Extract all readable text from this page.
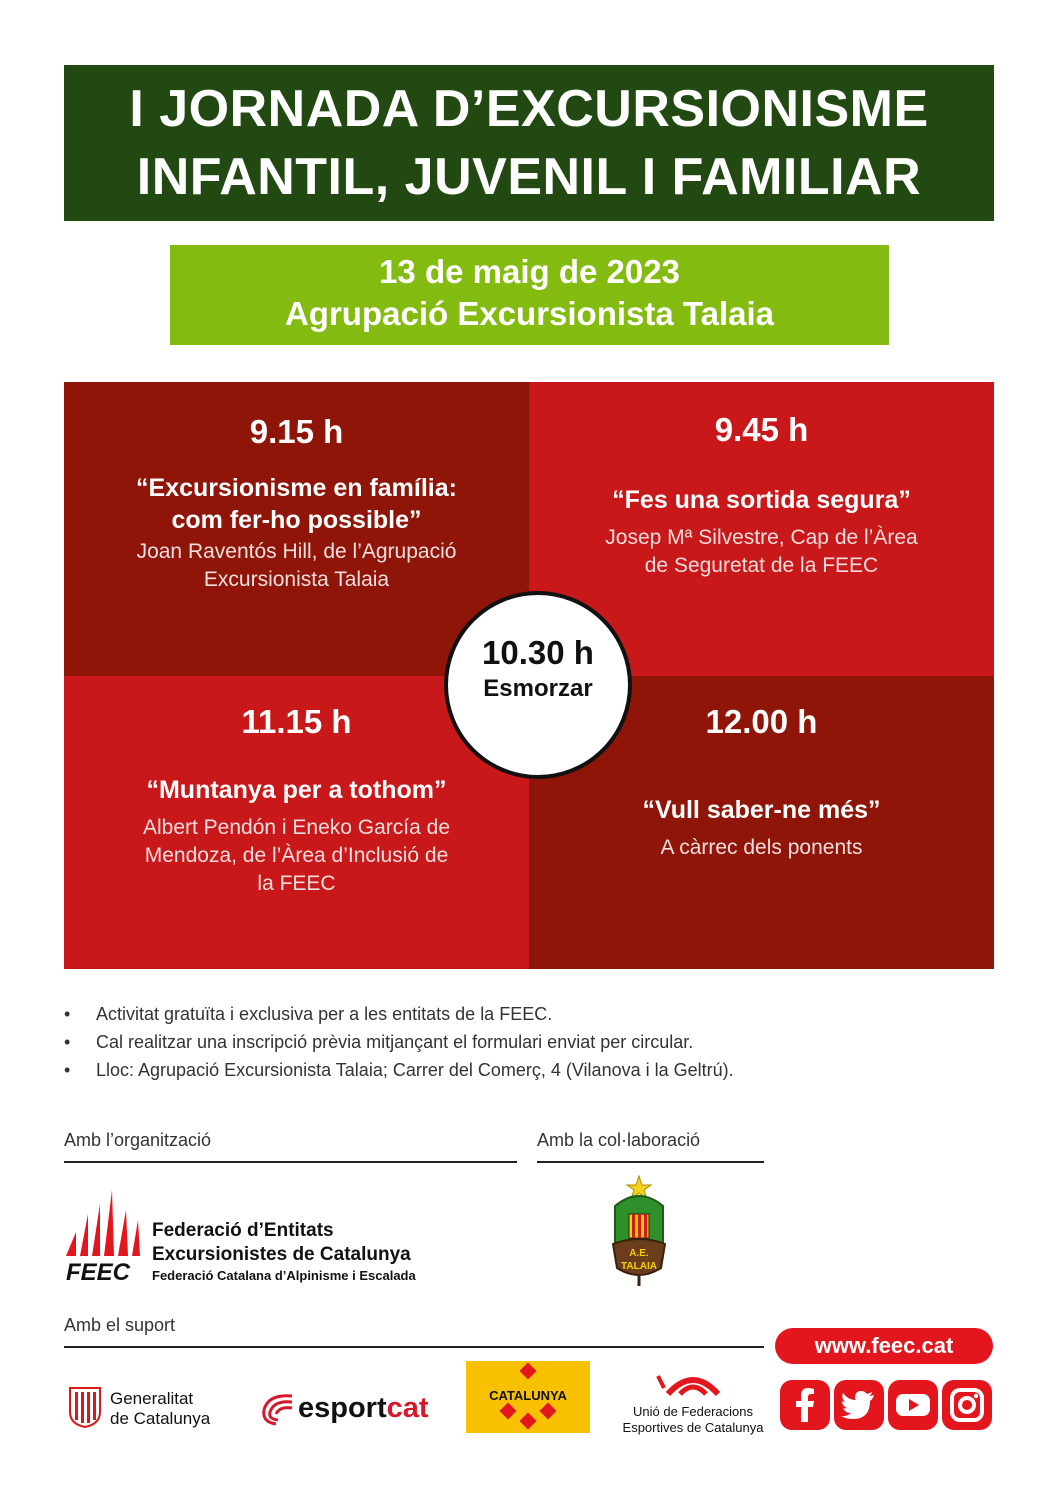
I JORNADA D’EXCURSIONISME
INFANTIL, JUVENIL I FAMILIAR
13 de maig de 2023
Agrupació Excursionista Talaia
9.15 h
“Excursionisme en família:
com fer-ho possible”
Joan Raventós Hill, de l’Agrupació
Excursionista Talaia
9.45 h
“Fes una sortida segura”
Josep Mª Silvestre, Cap de l’Àrea
de Seguretat de la FEEC
11.15 h
“Muntanya per a tothom”
Albert Pendón i Eneko García de
Mendoza, de l’Àrea d’Inclusió de
la FEEC
12.00 h
“Vull saber-ne més”
A càrrec dels ponents
10.30 h
Esmorzar
• Activitat gratuïta i exclusiva per a les entitats de la FEEC.
• Cal realitzar una inscripció prèvia mitjançant el formulari enviat per circular.
• Lloc: Agrupació Excursionista Talaia; Carrer del Comerç, 4 (Vilanova i la Geltrú).
Amb l’organització	Amb la col·laboració
Amb el suport
FEEC
Federació d’Entitats
Excursionistes de Catalunya
Federació Catalana d’Alpinisme i Escalada
A.E.
TALAIA
Generalitat
de Catalunya	esportcat	CATALUNYA
Unió de Federacions
Esportives de Catalunya
www.feec.cat
